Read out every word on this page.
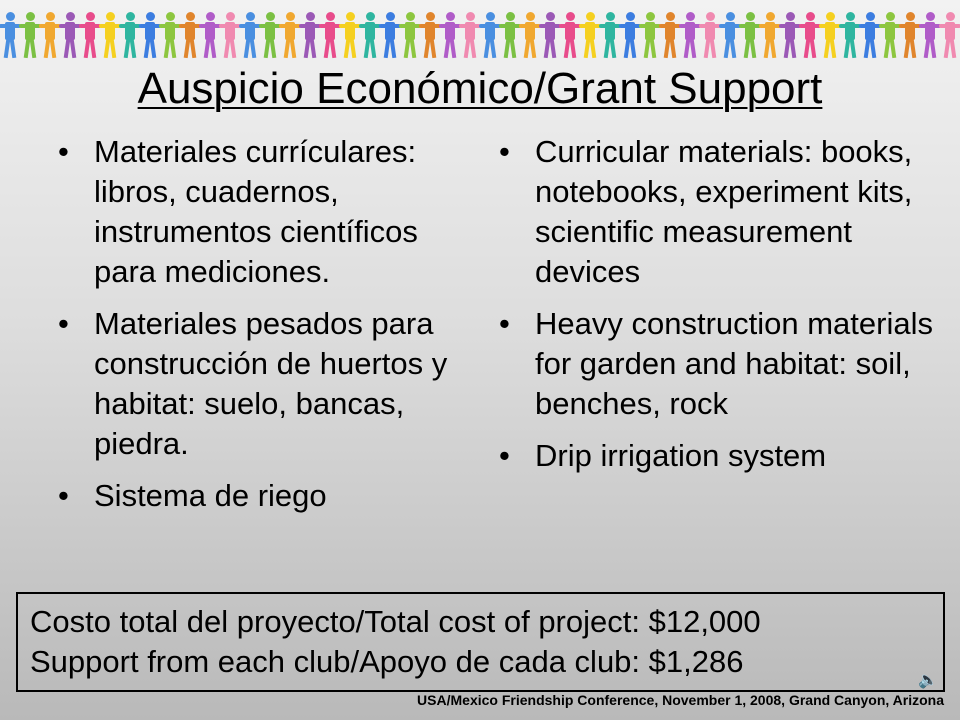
Auspicio Económico/Grant Support
• Materiales currículares: libros, cuadernos, instrumentos científicos para mediciones.
• Materiales pesados para construcción de huertos y habitat: suelo, bancas, piedra.
• Sistema de riego
• Curricular materials: books, notebooks, experiment kits, scientific measurement devices
• Heavy construction materials for garden and habitat: soil, benches, rock
• Drip irrigation system
Costo total del proyecto/Total cost of project: $12,000
Support from each club/Apoyo de cada club: $1,286
USA/Mexico Friendship Conference, November 1, 2008, Grand Canyon, Arizona
🔈
